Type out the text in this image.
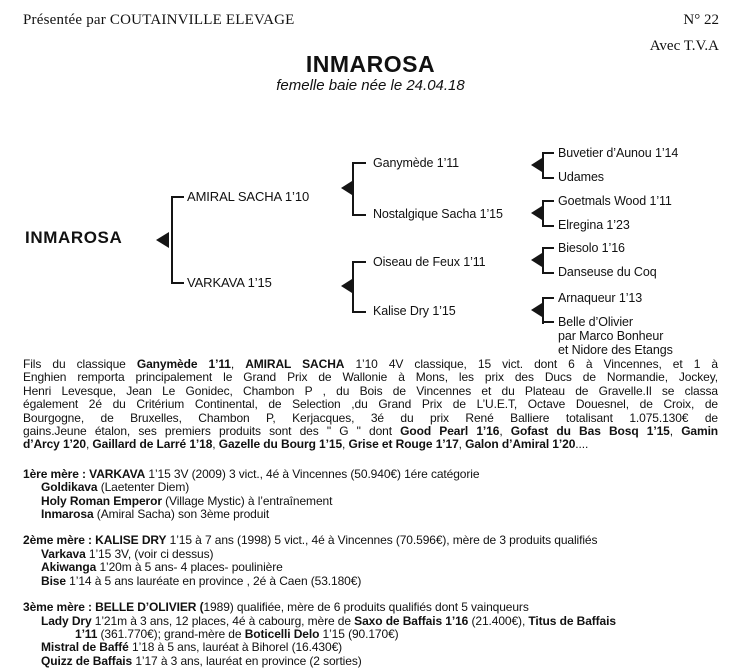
Présentée par COUTAINVILLE ELEVAGE	N° 22
Avec T.V.A
INMAROSA
femelle baie née le 24.04.18
INMAROSA
AMIRAL SACHA 1’10
VARKAVA 1’15
Ganymède 1’11
Nostalgique Sacha 1’15
Oiseau de Feux 1’11
Kalise Dry 1’15
Buvetier d’Aunou 1’14
Udames
Goetmals Wood 1’11
Elregina 1’23
Biesolo 1’16
Danseuse du Coq
Arnaqueur 1’13
Belle d’Olivier
par Marco Bonheur
et Nidore des Etangs
Fils du classique Ganymède 1’11, AMIRAL SACHA 1’10 4V classique, 15 vict. dont 6 à Vincennes, et 1 à
Enghien remporta principalement le Grand Prix de Wallonie à Mons, les prix des Ducs de Normandie, Jockey,
Henri Levesque, Jean Le Gonidec, Chambon P , du Bois de Vincennes et du Plateau de Gravelle.Il se classa
également 2é du Critérium Continental, de Selection ,du Grand Prix de L’U.E.T, Octave Douesnel, de Croix, de
Bourgogne, de Bruxelles, Chambon P, Kerjacques, 3é du prix René Balliere totalisant 1.075.130€ de
gains.Jeune étalon, ses premiers produits sont des " G " dont Good Pearl 1’16, Gofast du Bas Bosq 1’15, Gamin
d’Arcy 1’20, Gaillard de Larré 1’18, Gazelle du Bourg 1’15, Grise et Rouge 1’17, Galon d’Amiral 1’20....
1ère mère : VARKAVA 1’15 3V (2009) 3 vict., 4é à Vincennes (50.940€) 1ére catégorie
Goldikava (Laetenter Diem)
Holy Roman Emperor (Village Mystic) à l’entraînement
Inmarosa (Amiral Sacha) son 3ème produit
2ème mère : KALISE DRY 1’15 à 7 ans (1998) 5 vict., 4é à Vincennes (70.596€), mère de 3 produits qualifiés
Varkava 1’15 3V, (voir ci dessus)
Akiwanga 1’20m à 5 ans- 4 places- poulinière
Bise 1’14 à 5 ans lauréate en province , 2é à Caen (53.180€)
3ème mère : BELLE D’OLIVIER (1989) qualifiée, mère de 6 produits qualifiés dont 5 vainqueurs
Lady Dry 1’21m à 3 ans, 12 places, 4é à cabourg, mère de Saxo de Baffais 1’16 (21.400€), Titus de Baffais
1’11 (361.770€); grand-mère de Boticelli Delo 1’15 (90.170€)
Mistral de Baffé 1’18 à 5 ans, lauréat à Bihorel (16.430€)
Quizz de Baffais 1’17 à 3 ans, lauréat en province (2 sorties)
